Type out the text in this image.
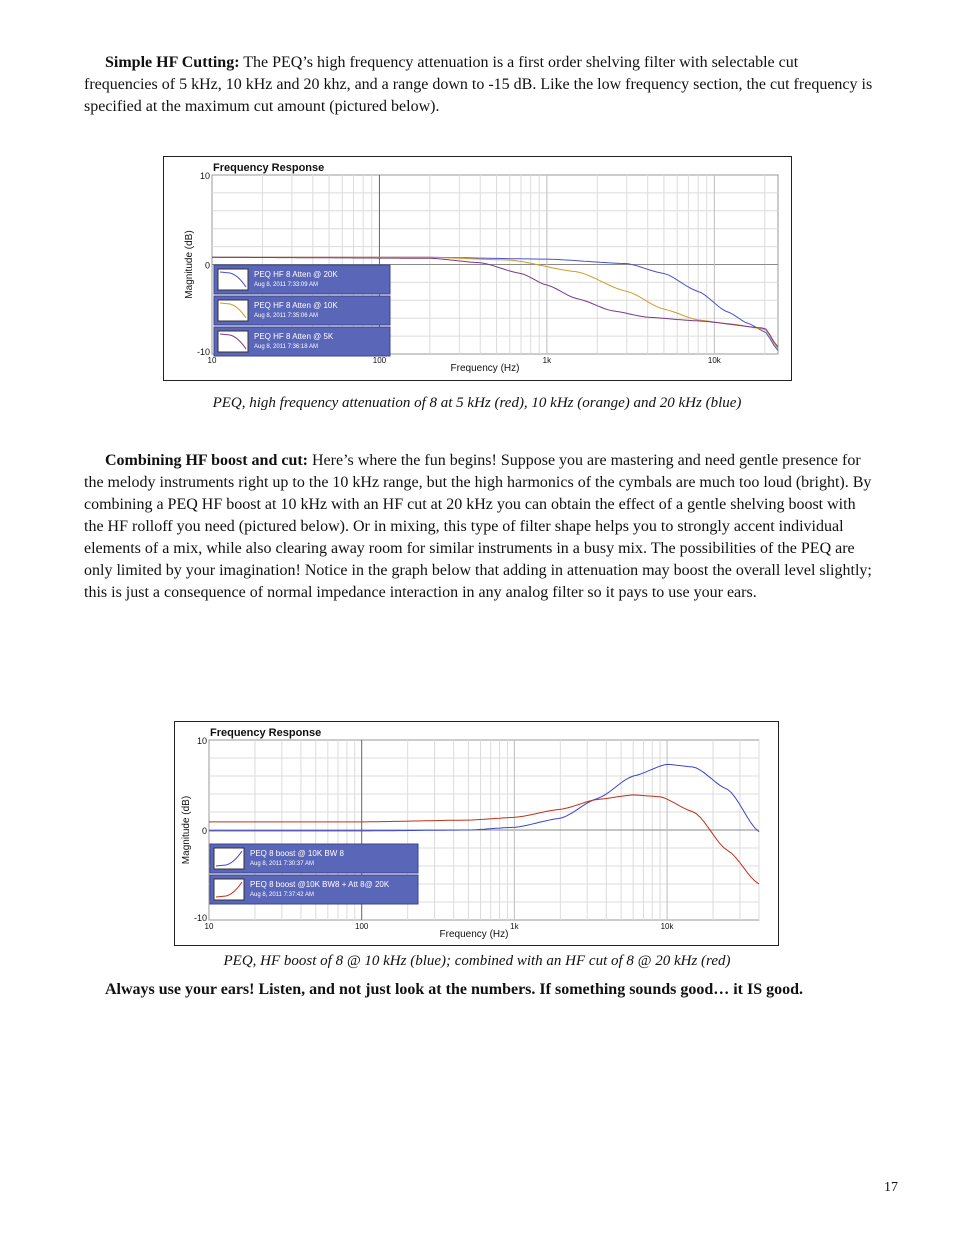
Simple HF Cutting: The PEQ’s high frequency attenuation is a first order shelving filter with selectable cut frequencies of 5 kHz, 10 kHz and 20 khz, and a range down to -15 dB. Like the low frequency section, the cut frequency is specified at the maximum cut amount (pictured below).

Frequency Response
Frequency (Hz)
Magnitude (dB)
10
0
-10
10	100	1k	10k
PEQ HF 8 Atten @ 20K
Aug 8, 2011 7:33:09 AM
PEQ HF 8 Atten @ 10K
Aug 8, 2011 7:35:06 AM
PEQ HF 8 Atten @ 5K
Aug 8, 2011 7:36:18 AM
PEQ, high frequency attenuation of 8 at 5 kHz (red), 10 kHz (orange) and 20 kHz (blue)

Combining HF boost and cut: Here’s where the fun begins! Suppose you are mastering and need gentle presence for the melody instruments right up to the 10 kHz range, but the high harmonics of the cymbals are much too loud (bright). By combining a PEQ HF boost at 10 kHz with an HF cut at 20 kHz you can obtain the effect of a gentle shelving boost with the HF rolloff you need (pictured below). Or in mixing, this type of filter shape helps you to strongly accent individual elements of a mix, while also clearing away room for similar instruments in a busy mix. The possibilities of the PEQ are only limited by your imagination! Notice in the graph below that adding in attenuation may boost the overall level slightly; this is just a consequence of normal impedance interaction in any analog filter so it pays to use your ears.

Frequency Response
Frequency (Hz)
Magnitude (dB)
10
0
-10
10	100	1k	10k
PEQ 8 boost @ 10K BW 8
Aug 8, 2011 7:30:37 AM
PEQ 8 boost @10K BW8 + Att 8@ 20K
Aug 8, 2011 7:37:42 AM
PEQ, HF boost of 8 @ 10 kHz (blue); combined with an HF cut of 8 @ 20 kHz (red)
Always use your ears! Listen, and not just look at the numbers. If something sounds good… it IS good.
17
